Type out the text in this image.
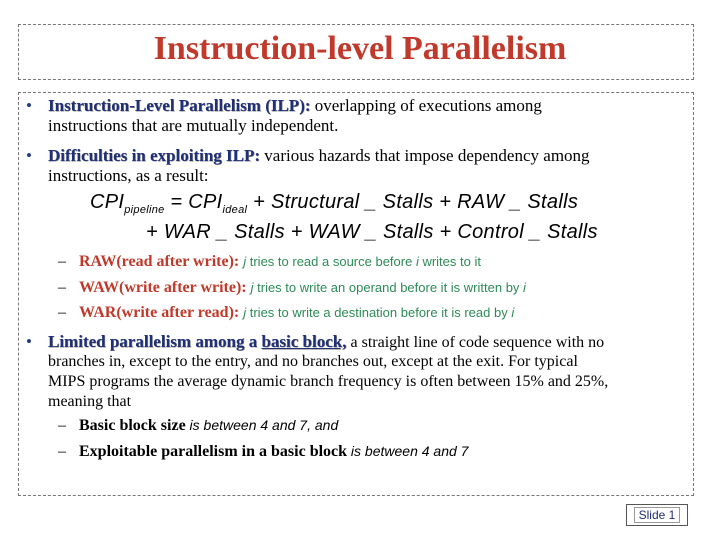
Instruction-level Parallelism
• Instruction-Level Parallelism (ILP): overlapping of executions among
instructions that are mutually independent.
• Difficulties in exploiting ILP: various hazards that impose dependency among
instructions, as a result:
$CPI_{pipeline} = CPI_{ideal}$ + Structural _ Stalls + RAW _ Stalls
+ WAR _ Stalls + WAW _ Stalls + Control _ Stalls
– RAW(read after write): j tries to read a source before i writes to it
– WAW(write after write): j tries to write an operand before it is written by i
– WAR(write after read): j tries to write a destination before it is read by i
• Limited parallelism among a basic block, a straight line of code sequence with no
branches in, except to the entry, and no branches out, except at the exit. For typical
MIPS programs the average dynamic branch frequency is often between 15% and 25%,
meaning that
– Basic block size is between 4 and 7, and
– Exploitable parallelism in a basic block is between 4 and 7
Slide 1
